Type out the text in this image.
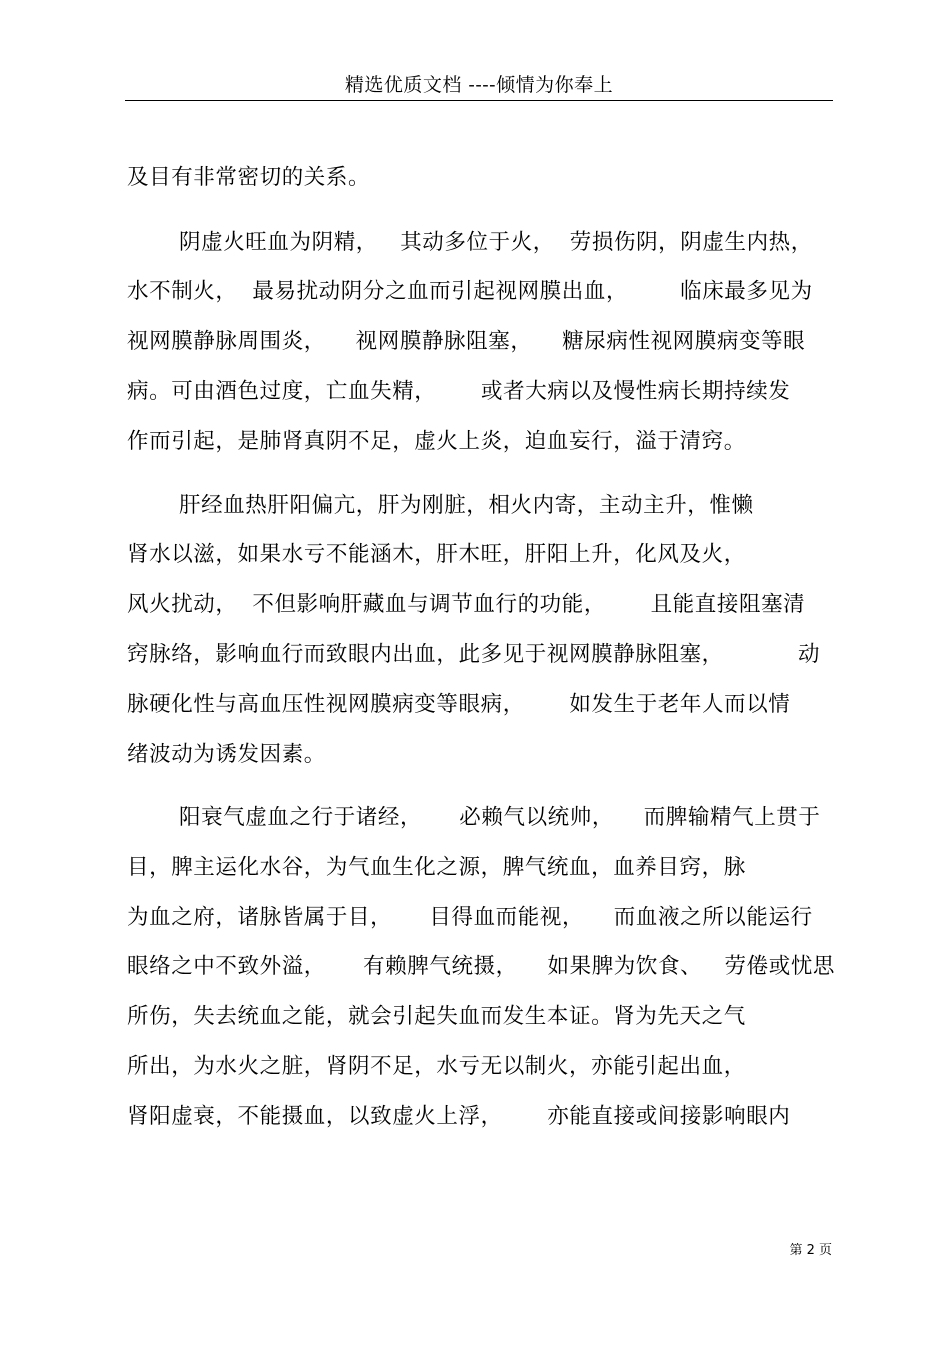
精选优质文档 ----倾情为你奉上
及目有非常密切的关系。
阴虚火旺血为阴精，   其动多位于火，  劳损伤阴，阴虚生内热，
水不制火，  最易扰动阴分之血而引起视网膜出血，       临床最多见为
视网膜静脉周围炎，    视网膜静脉阻塞，    糖尿病性视网膜病变等眼
病。可由酒色过度，亡血失精，      或者大病以及慢性病长期持续发
作而引起，是肺肾真阴不足，虚火上炎，迫血妄行，溢于清窍。
肝经血热肝阳偏亢，肝为刚脏，相火内寄，主动主升，惟懒
肾水以滋，如果水亏不能涵木，肝木旺，肝阳上升，化风及火，
风火扰动，  不但影响肝藏血与调节血行的功能，      且能直接阻塞清
窍脉络，影响血行而致眼内出血，此多见于视网膜静脉阻塞，          动
脉硬化性与高血压性视网膜病变等眼病，      如发生于老年人而以情
绪波动为诱发因素。
阳衰气虚血之行于诸经，     必赖气以统帅，    而脾输精气上贯于
目，脾主运化水谷，为气血生化之源，脾气统血，血养目窍，脉
为血之府，诸脉皆属于目，     目得血而能视，    而血液之所以能运行
眼络之中不致外溢，     有赖脾气统摄，    如果脾为饮食、   劳倦或忧思
所伤，失去统血之能，就会引起失血而发生本证。肾为先天之气
所出，为水火之脏，肾阴不足，水亏无以制火，亦能引起出血，
肾阳虚衰，不能摄血，以致虚火上浮，      亦能直接或间接影响眼内
第 2 页
